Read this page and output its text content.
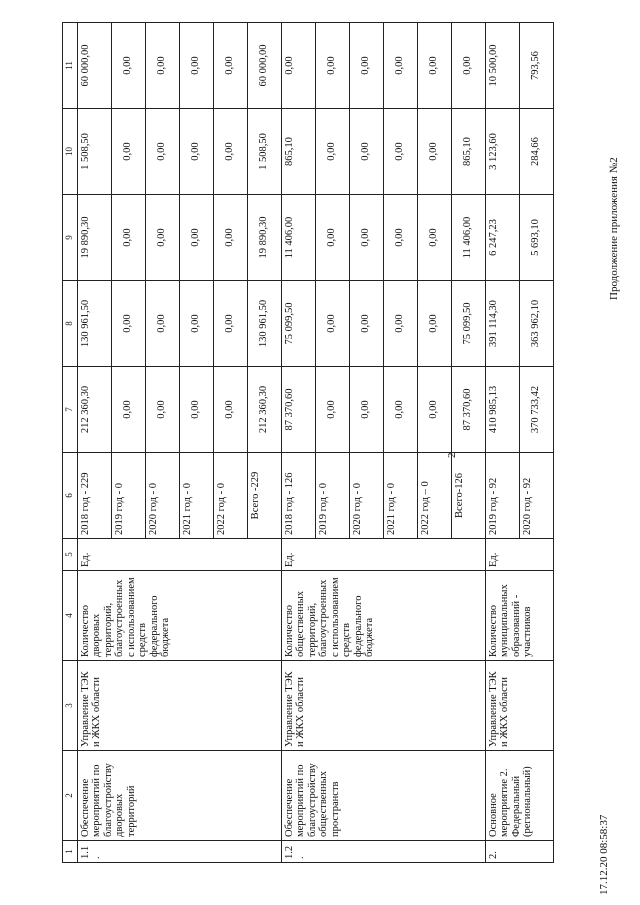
2
Продолжение приложения №2
17.12.20 08:58:37
1	2	3	4	5	6	7	8	9	10	11
1.1.	Обеспечение мероприятий по благоустройству дворовых территорий	Управление ТЭК и ЖКХ области	Количество дворовых территорий, благоустроенных с использованием средств федерального бюджета	Ед.	2018 год - 229	212 360,30	130 961,50	19 890,30	1 508,50	60 000,00
					2019 год - 0	0,00	0,00	0,00	0,00	0,00
					2020 год - 0	0,00	0,00	0,00	0,00	0,00
					2021 год - 0	0,00	0,00	0,00	0,00	0,00
					2022 год - 0	0,00	0,00	0,00	0,00	0,00
					Всего -229	212 360,30	130 961,50	19 890,30	1 508,50	60 000,00
1.2.	Обеспечение мероприятий по благоустройству общественных пространств	Управление ТЭК и ЖКХ области	Количество общественных территорий, благоустроенных с использованием средств федерального бюджета	Ед.	2018 год - 126	87 370,60	75 099,50	11 406,00	865,10	0,00
					2019 год - 0	0,00	0,00	0,00	0,00	0,00
					2020 год - 0	0,00	0,00	0,00	0,00	0,00
					2021 год - 0	0,00	0,00	0,00	0,00	0,00
					2022 год – 0	0,00	0,00	0,00	0,00	0,00
					Всего-126	87 370,60	75 099,50	11 406,00	865,10	0,00
2.	Основное мероприятие 2. Федеральный (региональный)	Управление ТЭК и ЖКХ области	Количество муниципальных образований - участников	Ед.	2019 год - 92	410 985,13	391 114,30	6 247,23	3 123,60	10 500,00
					2020 год - 92	370 733,42	363 962,10	5 693,10	284,66	793,56
